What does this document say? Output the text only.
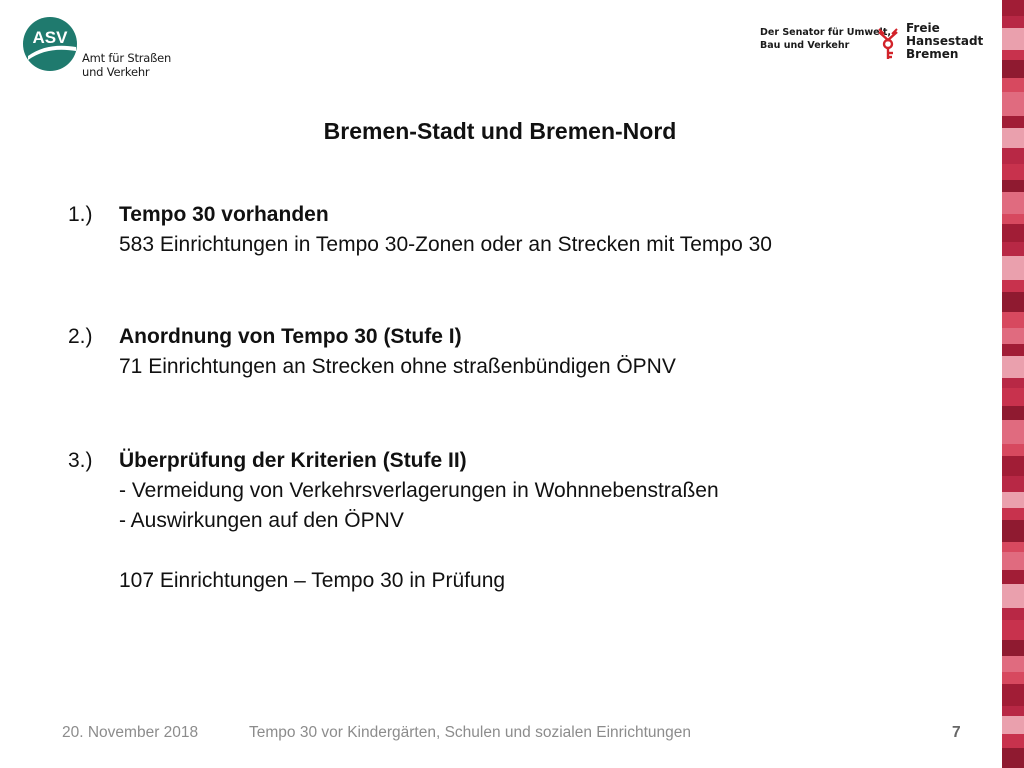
ASV
Amt für Straßen
und Verkehr
Der Senator für Umwelt,
Bau und Verkehr
Freie
Hansestadt
Bremen
Bremen-Stadt und Bremen-Nord
1.) Tempo 30 vorhanden
583 Einrichtungen in Tempo 30-Zonen oder an Strecken mit Tempo 30
2.) Anordnung von Tempo 30 (Stufe I)
71 Einrichtungen an Strecken ohne straßenbündigen ÖPNV
3.) Überprüfung der Kriterien (Stufe II)
- Vermeidung von Verkehrsverlagerungen in Wohnnebenstraßen
- Auswirkungen auf den ÖPNV
107 Einrichtungen – Tempo 30 in Prüfung
20. November 2018	Tempo 30 vor Kindergärten, Schulen und sozialen Einrichtungen	7
